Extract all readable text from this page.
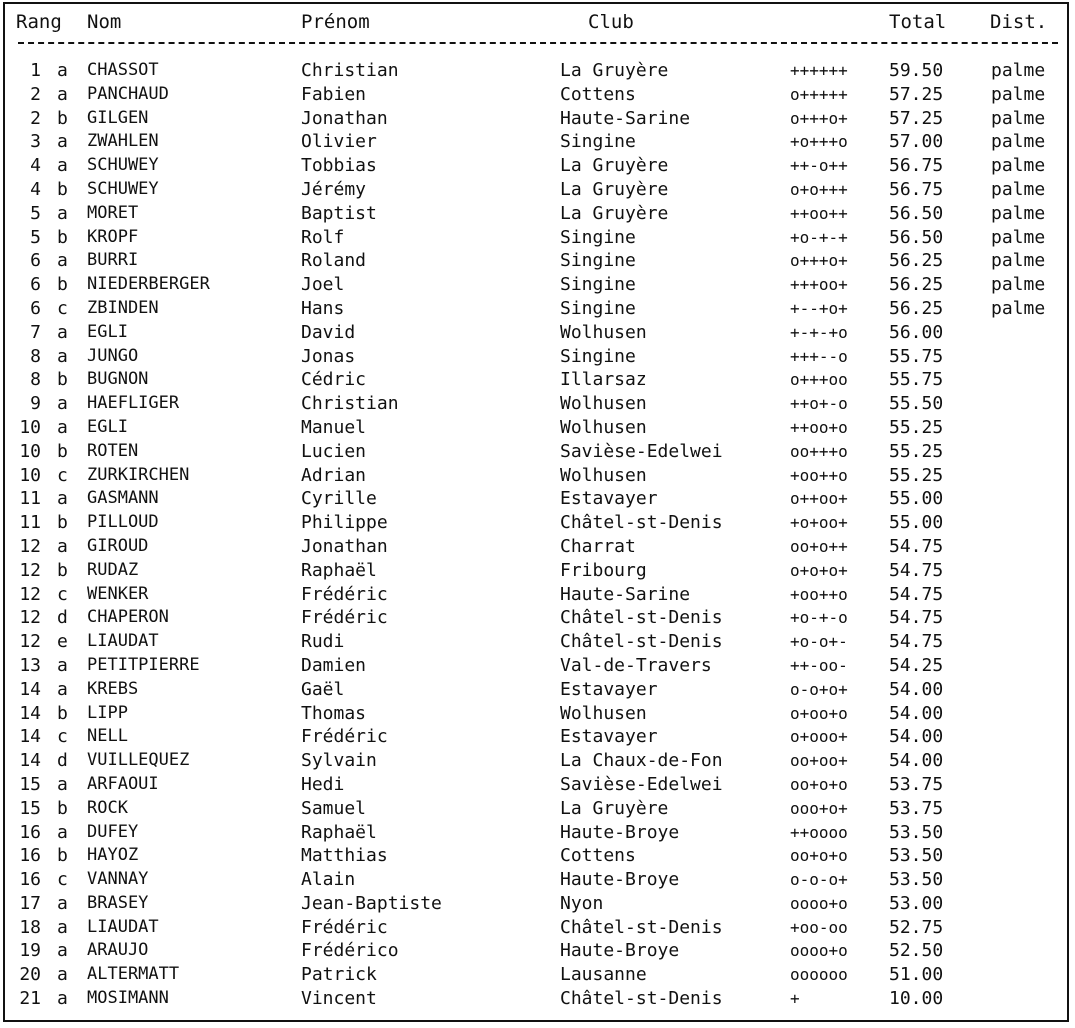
Rang Nom	Prénom	Club	Total Dist.
1 a CHASSOT	Christian	La Gruyère	++++++ 59.50	palme
2 a PANCHAUD	Fabien	Cottens	o+++++ 57.25	palme
2 b GILGEN	Jonathan	Haute-Sarine	o+++o+ 57.25	palme
3 a ZWAHLEN	Olivier	Singine	+o+++o 57.00	palme
4 a SCHUWEY	Tobbias	La Gruyère	++-o++ 56.75	palme
4 b SCHUWEY	Jérémy	La Gruyère	o+o+++ 56.75	palme
5 a MORET	Baptist	La Gruyère	++oo++ 56.50	palme
5 b KROPF	Rolf	Singine	+o-+-+ 56.50	palme
6 a BURRI	Roland	Singine	o+++o+ 56.25	palme
6 b NIEDERBERGER	Joel	Singine	+++oo+ 56.25	palme
6 c ZBINDEN	Hans	Singine	+--+o+ 56.25	palme
7 a EGLI	David	Wolhusen	+-+-+o 56.00
8 a JUNGO	Jonas	Singine	+++--o 55.75
8 b BUGNON	Cédric	Illarsaz	o+++oo 55.75
9 a HAEFLIGER	Christian	Wolhusen	++o+-o 55.50
10 a EGLI	Manuel	Wolhusen	++oo+o 55.25
10 b ROTEN	Lucien	Savièse-Edelwei	oo+++o 55.25
10 c ZURKIRCHEN	Adrian	Wolhusen	+oo++o 55.25
11 a GASMANN	Cyrille	Estavayer	o++oo+ 55.00
11 b PILLOUD	Philippe	Châtel-st-Denis	+o+oo+ 55.00
12 a GIROUD	Jonathan	Charrat	oo+o++ 54.75
12 b RUDAZ	Raphaël	Fribourg	o+o+o+ 54.75
12 c WENKER	Frédéric	Haute-Sarine	+oo++o 54.75
12 d CHAPERON	Frédéric	Châtel-st-Denis	+o-+-o 54.75
12 e LIAUDAT	Rudi	Châtel-st-Denis	+o-o+- 54.75
13 a PETITPIERRE	Damien	Val-de-Travers	++-oo- 54.25
14 a KREBS	Gaël	Estavayer	o-o+o+ 54.00
14 b LIPP	Thomas	Wolhusen	o+oo+o 54.00
14 c NELL	Frédéric	Estavayer	o+ooo+ 54.00
14 d VUILLEQUEZ	Sylvain	La Chaux-de-Fon	oo+oo+ 54.00
15 a ARFAOUI	Hedi	Savièse-Edelwei	oo+o+o 53.75
15 b ROCK	Samuel	La Gruyère	ooo+o+ 53.75
16 a DUFEY	Raphaël	Haute-Broye	++oooo 53.50
16 b HAYOZ	Matthias	Cottens	oo+o+o 53.50
16 c VANNAY	Alain	Haute-Broye	o-o-o+ 53.50
17 a BRASEY	Jean-Baptiste	Nyon	oooo+o 53.00
18 a LIAUDAT	Frédéric	Châtel-st-Denis	+oo-oo 52.75
19 a ARAUJO	Frédérico	Haute-Broye	oooo+o 52.50
20 a ALTERMATT	Patrick	Lausanne	oooooo 51.00
21 a MOSIMANN	Vincent	Châtel-st-Denis	+	10.00
